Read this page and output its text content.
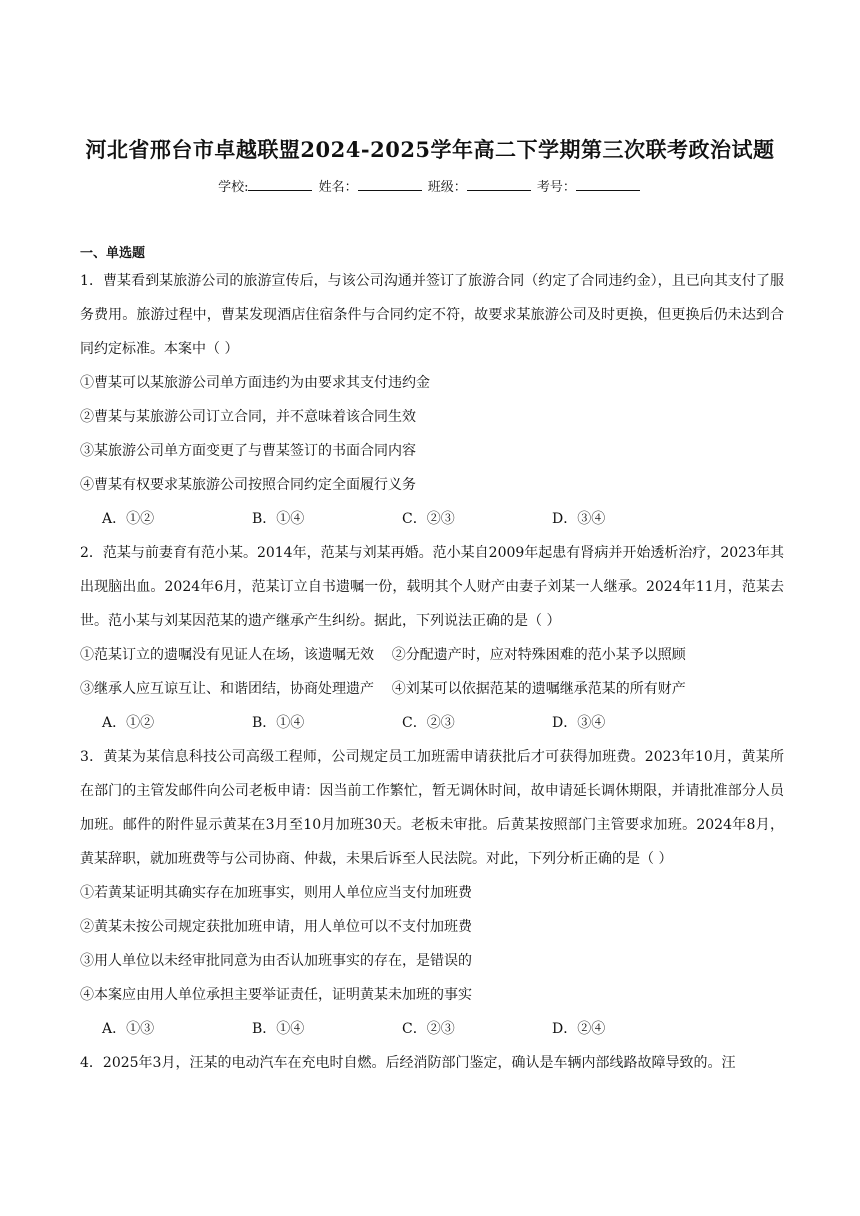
河北省邢台市卓越联盟2024-2025学年高二下学期第三次联考政治试题
学校:	姓名：	班级：	考号：
一、单选题

1．曹某看到某旅游公司的旅游宣传后，与该公司沟通并签订了旅游合同（约定了合同违约金），且已向其支付了服务费用。旅游过程中，曹某发现酒店住宿条件与合同约定不符，故要求某旅游公司及时更换，但更换后仍未达到合同约定标准。本案中（ ）

①曹某可以某旅游公司单方面违约为由要求其支付违约金

②曹某与某旅游公司订立合同，并不意味着该合同生效

③某旅游公司单方面变更了与曹某签订的书面合同内容

④曹某有权要求某旅游公司按照合同约定全面履行义务

A．①②	B．①④	C．②③	D．③④

2．范某与前妻育有范小某。2014年，范某与刘某再婚。范小某自2009年起患有肾病并开始透析治疗，2023年其出现脑出血。2024年6月，范某订立自书遗嘱一份，载明其个人财产由妻子刘某一人继承。2024年11月，范某去世。范小某与刘某因范某的遗产继承产生纠纷。据此，下列说法正确的是（ ）

①范某订立的遗嘱没有见证人在场，该遗嘱无效    ②分配遗产时，应对特殊困难的范小某予以照顾

③继承人应互谅互让、和谐团结，协商处理遗产    ④刘某可以依据范某的遗嘱继承范某的所有财产

A．①②	B．①④	C．②③	D．③④

3．黄某为某信息科技公司高级工程师，公司规定员工加班需申请获批后才可获得加班费。2023年10月，黄某所在部门的主管发邮件向公司老板申请：因当前工作繁忙，暂无调休时间，故申请延长调休期限，并请批准部分人员加班。邮件的附件显示黄某在3月至10月加班30天。老板未审批。后黄某按照部门主管要求加班。2024年8月，黄某辞职，就加班费等与公司协商、仲裁，未果后诉至人民法院。对此，下列分析正确的是（ ）

①若黄某证明其确实存在加班事实，则用人单位应当支付加班费

②黄某未按公司规定获批加班申请，用人单位可以不支付加班费

③用人单位以未经审批同意为由否认加班事实的存在，是错误的

④本案应由用人单位承担主要举证责任，证明黄某未加班的事实

A．①③	B．①④	C．②③	D．②④

4．2025年3月，汪某的电动汽车在充电时自燃。后经消防部门鉴定，确认是车辆内部线路故障导致的。汪
